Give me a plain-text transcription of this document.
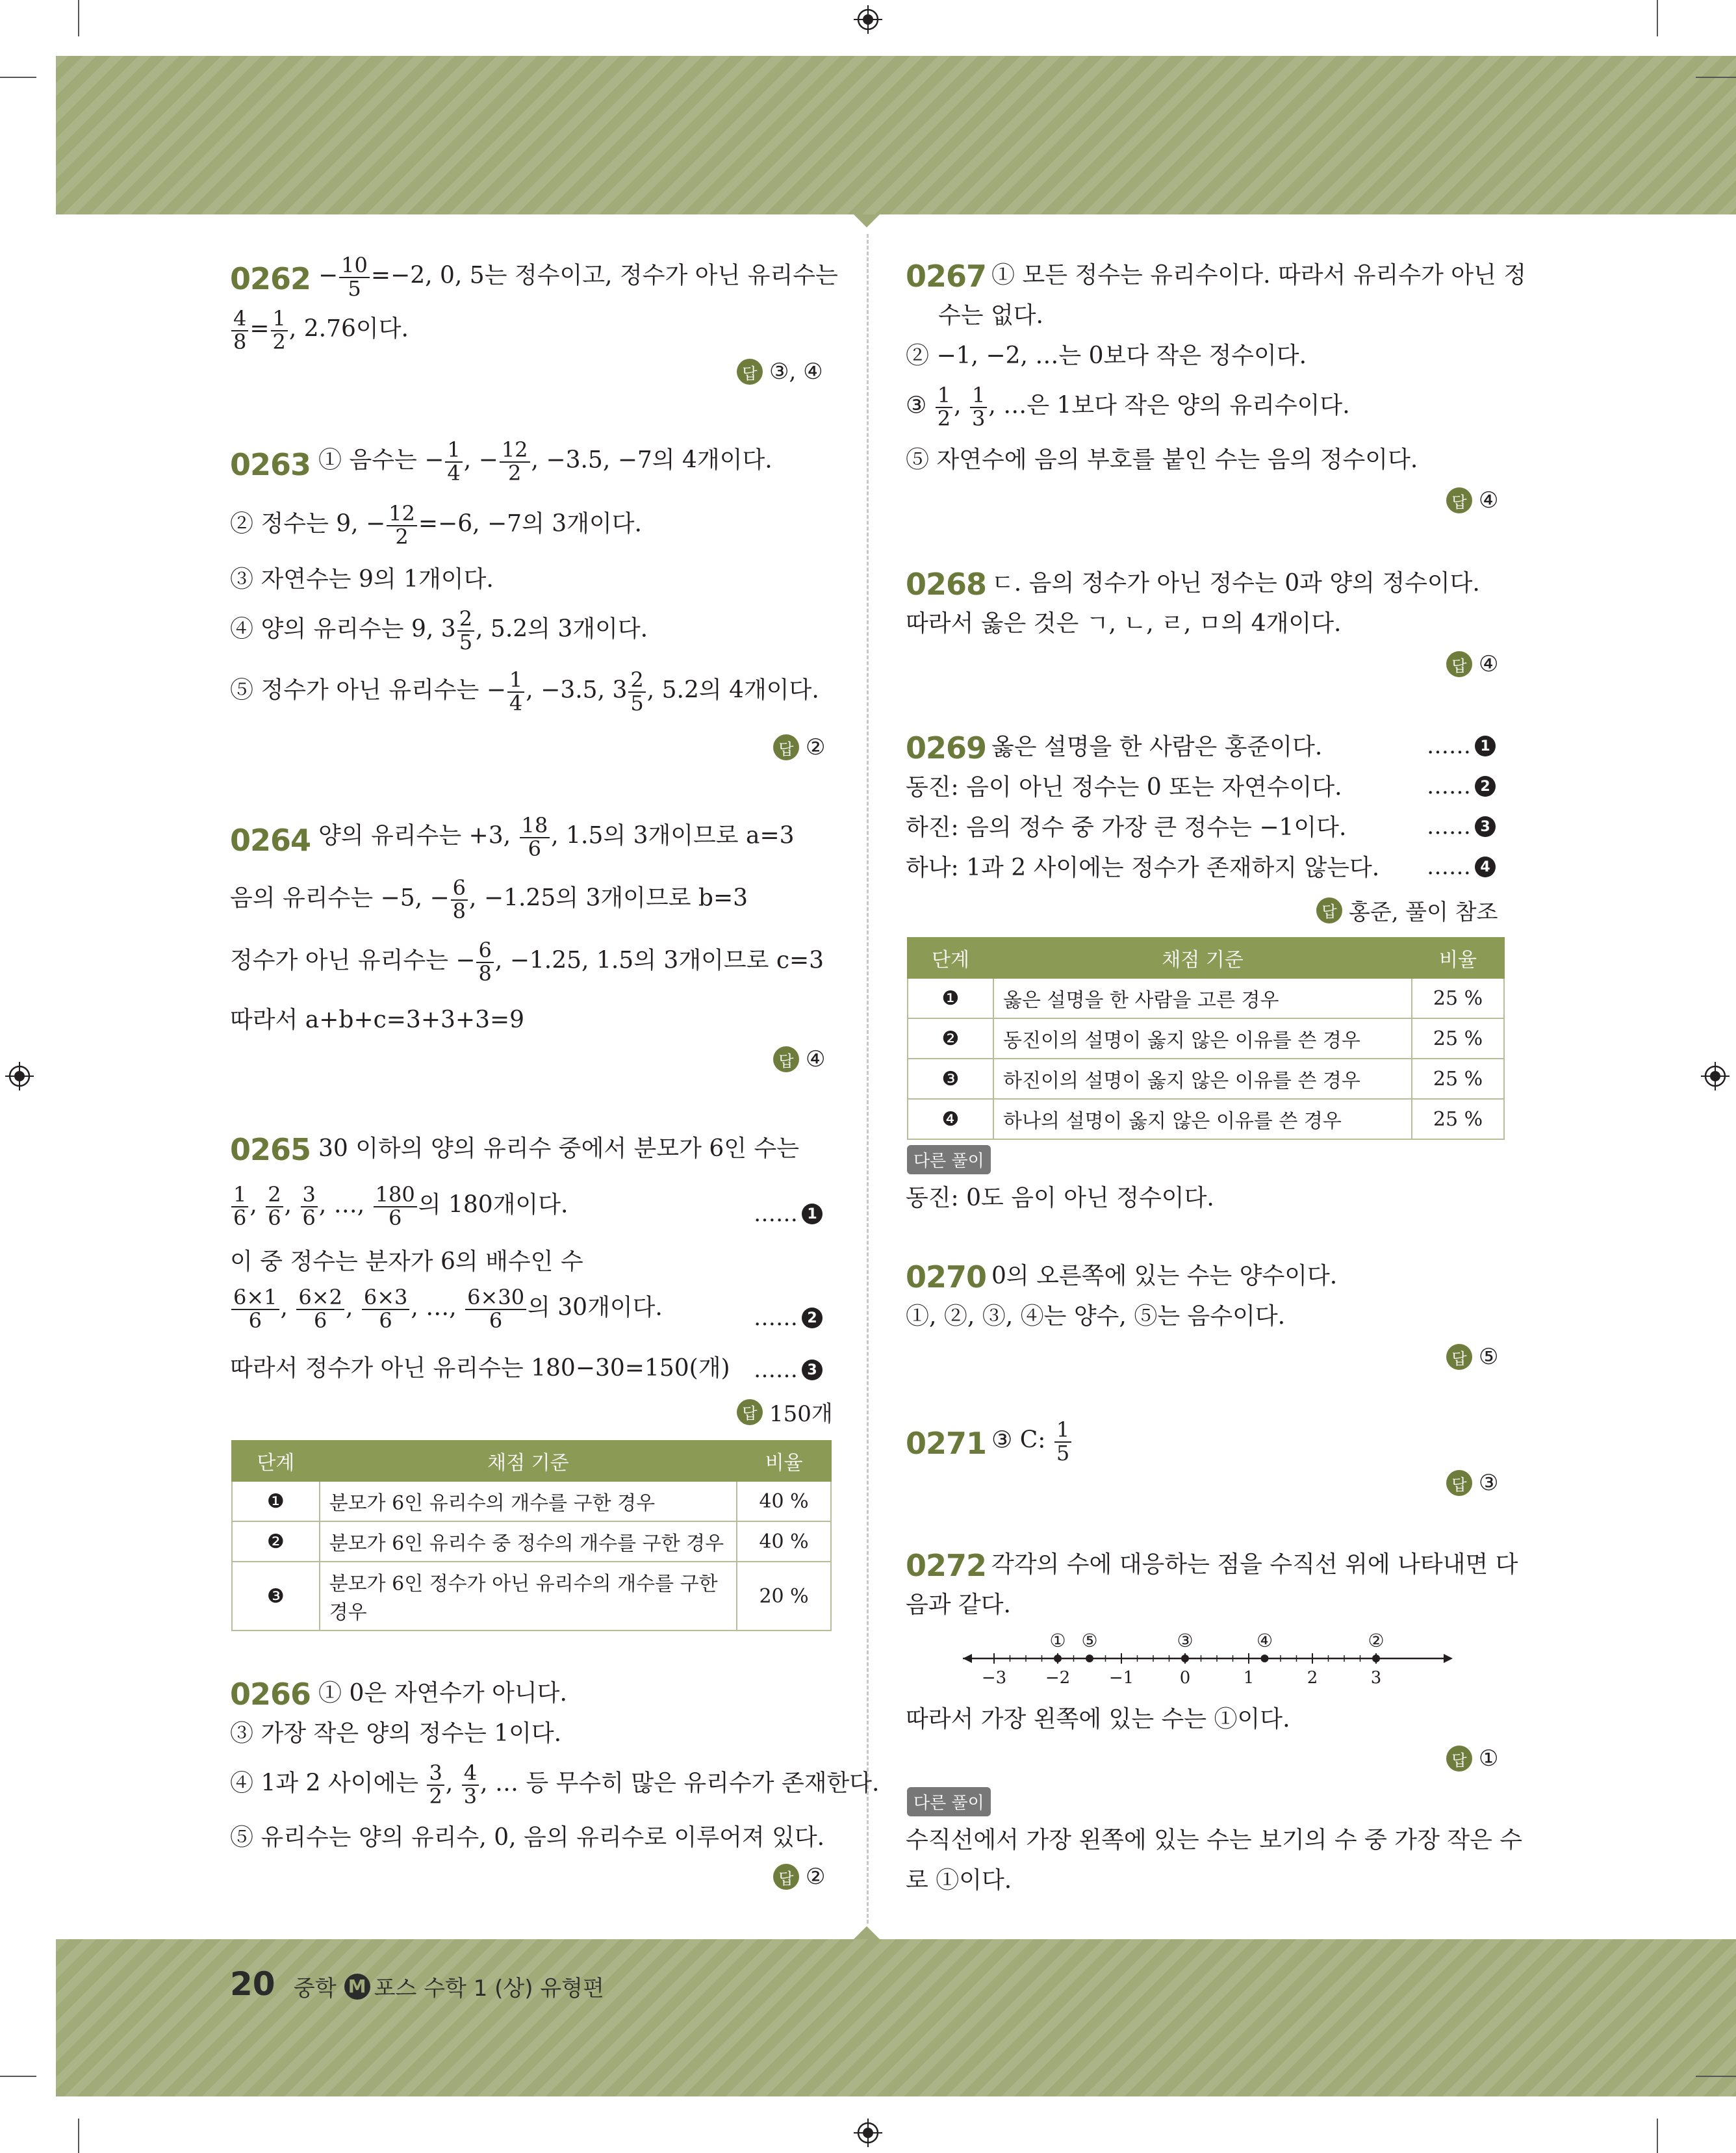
20 중학 M 포스 수학 1 (상) 유형편
$0262 - \frac{10}{5} =-2$, 0, 5는 정수이고, 정수가 아닌 유리수는
$\frac{4}{8} = \frac{1}{2}$ , 2.76이다.
답 ③, ④
0263 ① 음수는 − $\frac{1}{4}$ , − $\frac{12}{2}$ , −3.5, −7의 4개이다.
② 정수는 9, − $\frac{12}{2} =-6$, −7의 3개이다.
③ 자연수는 9의 1개이다.
④ 양의 유리수는 9, $3 \frac{2}{5}$ , 5.2의 3개이다.
⑤ 정수가 아닌 유리수는 − $\frac{1}{4}$ , −3.5, $3 \frac{2}{5}$ , 5.2의 4개이다.
답 ②
0264 양의 유리수는 +3, $\frac{18}{6}$ , 1.5의 3개이므로 a=3
음의 유리수는 −5, − $\frac{6}{8}$ , −1.25의 3개이므로 b=3
정수가 아닌 유리수는 − $\frac{6}{8}$ , −1.25, 1.5의 3개이므로 c=3
따라서 a+b+c=3+3+3=9
답 ④
0265 30 이하의 양의 유리수 중에서 분모가 6인 수는
$\frac{1}{6}$ , $\frac{2}{6}$ , $\frac{3}{6}$ , …, $\frac{180}{6}$ 의 180개이다.	…… 1
이 중 정수는 분자가 6의 배수인 수
$\frac{6\times 1}{6}$ , $\frac{6\times 2}{6}$ , $\frac{6\times 3}{6}$ , …, $\frac{6\times 30}{6}$ 의 30개이다.	…… 2
따라서 정수가 아닌 유리수는 180−30=150(개) …… 3
답 150개
단계	채점 기준	비율
❶	분모가 6인 유리수의 개수를 구한 경우	40 %
❷	분모가 6인 유리수 중 정수의 개수를 구한 경우	40 %
❸	분모가 6인 정수가 아닌 유리수의 개수를 구한 경우	20 %
0266 ① 0은 자연수가 아니다.
③ 가장 작은 양의 정수는 1이다.
④ 1과 2 사이에는 $\frac{3}{2}$ , $\frac{4}{3}$ , … 등 무수히 많은 유리수가 존재한다.
⑤ 유리수는 양의 유리수, 0, 음의 유리수로 이루어져 있다.
답 ②
0267 ① 모든 정수는 유리수이다. 따라서 유리수가 아닌 정
수는 없다.
② −1, −2, …는 0보다 작은 정수이다.
③ $\frac{1}{2}$ , $\frac{1}{3}$ , …은 1보다 작은 양의 유리수이다.
⑤ 자연수에 음의 부호를 붙인 수는 음의 정수이다.
답 ④
0268 ㄷ. 음의 정수가 아닌 정수는 0과 양의 정수이다.
따라서 옳은 것은 ㄱ, ㄴ, ㄹ, ㅁ의 4개이다.
답 ④
0269 옳은 설명을 한 사람은 홍준이다.	…… 1
동진: 음이 아닌 정수는 0 또는 자연수이다.	…… 2
하진: 음의 정수 중 가장 큰 정수는 −1이다.	…… 3
하나: 1과 2 사이에는 정수가 존재하지 않는다. …… 4
답 홍준, 풀이 참조
단계	채점 기준	비율
❶	옳은 설명을 한 사람을 고른 경우	25 %
❷	동진이의 설명이 옳지 않은 이유를 쓴 경우	25 %
❸	하진이의 설명이 옳지 않은 이유를 쓴 경우	25 %
❹	하나의 설명이 옳지 않은 이유를 쓴 경우	25 %
다른 풀이
동진: 0도 음이 아닌 정수이다.
0270 0의 오른쪽에 있는 수는 양수이다.
①, ②, ③, ④는 양수, ⑤는 음수이다.
답 ⑤
0271 ③ C: $\frac{1}{5}$
답 ③
0272 각각의 수에 대응하는 점을 수직선 위에 나타내면 다
음과 같다.
−3 −2 −1	0	1	2	3
① ⑤	③	④	②
따라서 가장 왼쪽에 있는 수는 ①이다.
답 ①
다른 풀이
수직선에서 가장 왼쪽에 있는 수는 보기의 수 중 가장 작은 수
로 ①이다.
